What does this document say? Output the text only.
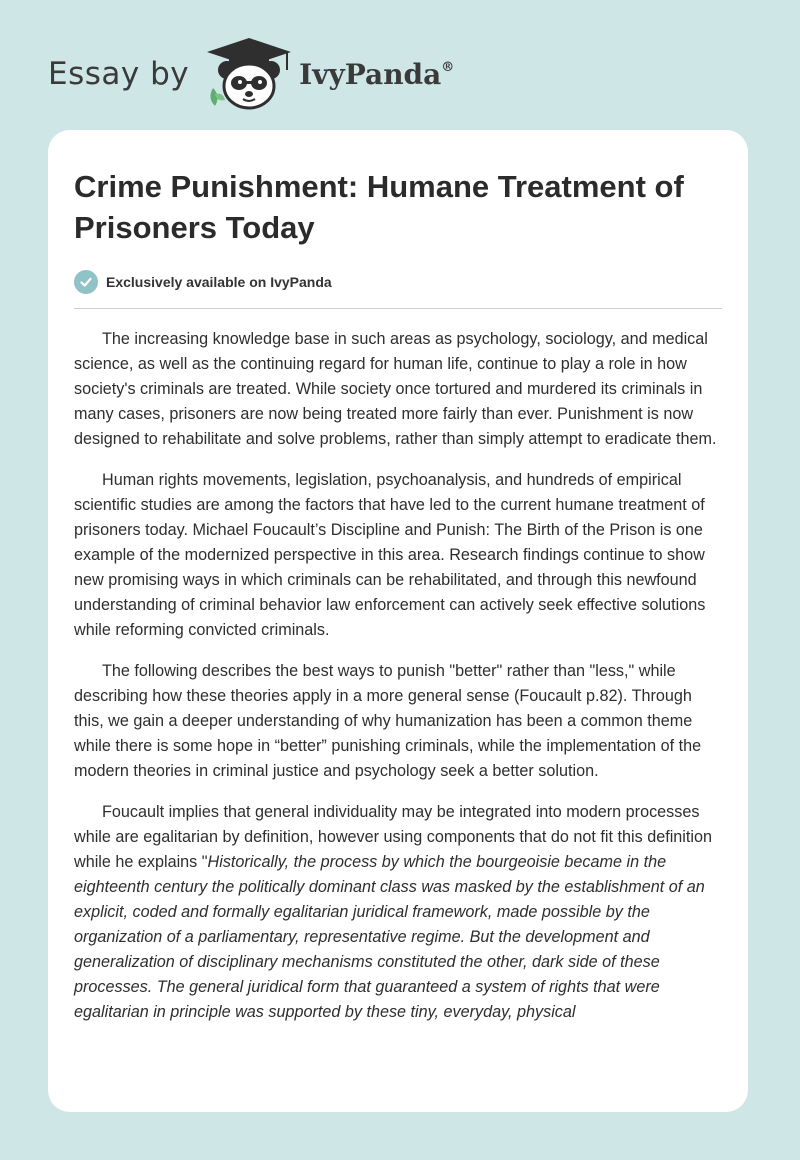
Essay by	IvyPanda®
Crime Punishment: Humane Treatment of Prisoners Today
Exclusively available on IvyPanda

The increasing knowledge base in such areas as psychology, sociology, and medical science, as well as the continuing regard for human life, continue to play a role in how society's criminals are treated. While society once tortured and murdered its criminals in many cases, prisoners are now being treated more fairly than ever. Punishment is now designed to rehabilitate and solve problems, rather than simply attempt to eradicate them.

Human rights movements, legislation, psychoanalysis, and hundreds of empirical scientific studies are among the factors that have led to the current humane treatment of prisoners today. Michael Foucault’s Discipline and Punish: The Birth of the Prison is one example of the modernized perspective in this area. Research findings continue to show new promising ways in which criminals can be rehabilitated, and through this newfound understanding of criminal behavior law enforcement can actively seek effective solutions while reforming convicted criminals.

The following describes the best ways to punish "better" rather than "less," while describing how these theories apply in a more general sense (Foucault p.82). Through this, we gain a deeper understanding of why humanization has been a common theme while there is some hope in “better” punishing criminals, while the implementation of the modern theories in criminal justice and psychology seek a better solution.

Foucault implies that general individuality may be integrated into modern processes while are egalitarian by definition, however using components that do not fit this definition while he explains "Historically, the process by which the bourgeoisie became in the eighteenth century the politically dominant class was masked by the establishment of an explicit, coded and formally egalitarian juridical framework, made possible by the organization of a parliamentary, representative regime. But the development and generalization of disciplinary mechanisms constituted the other, dark side of these processes. The general juridical form that guaranteed a system of rights that were egalitarian in principle was supported by these tiny, everyday, physical
